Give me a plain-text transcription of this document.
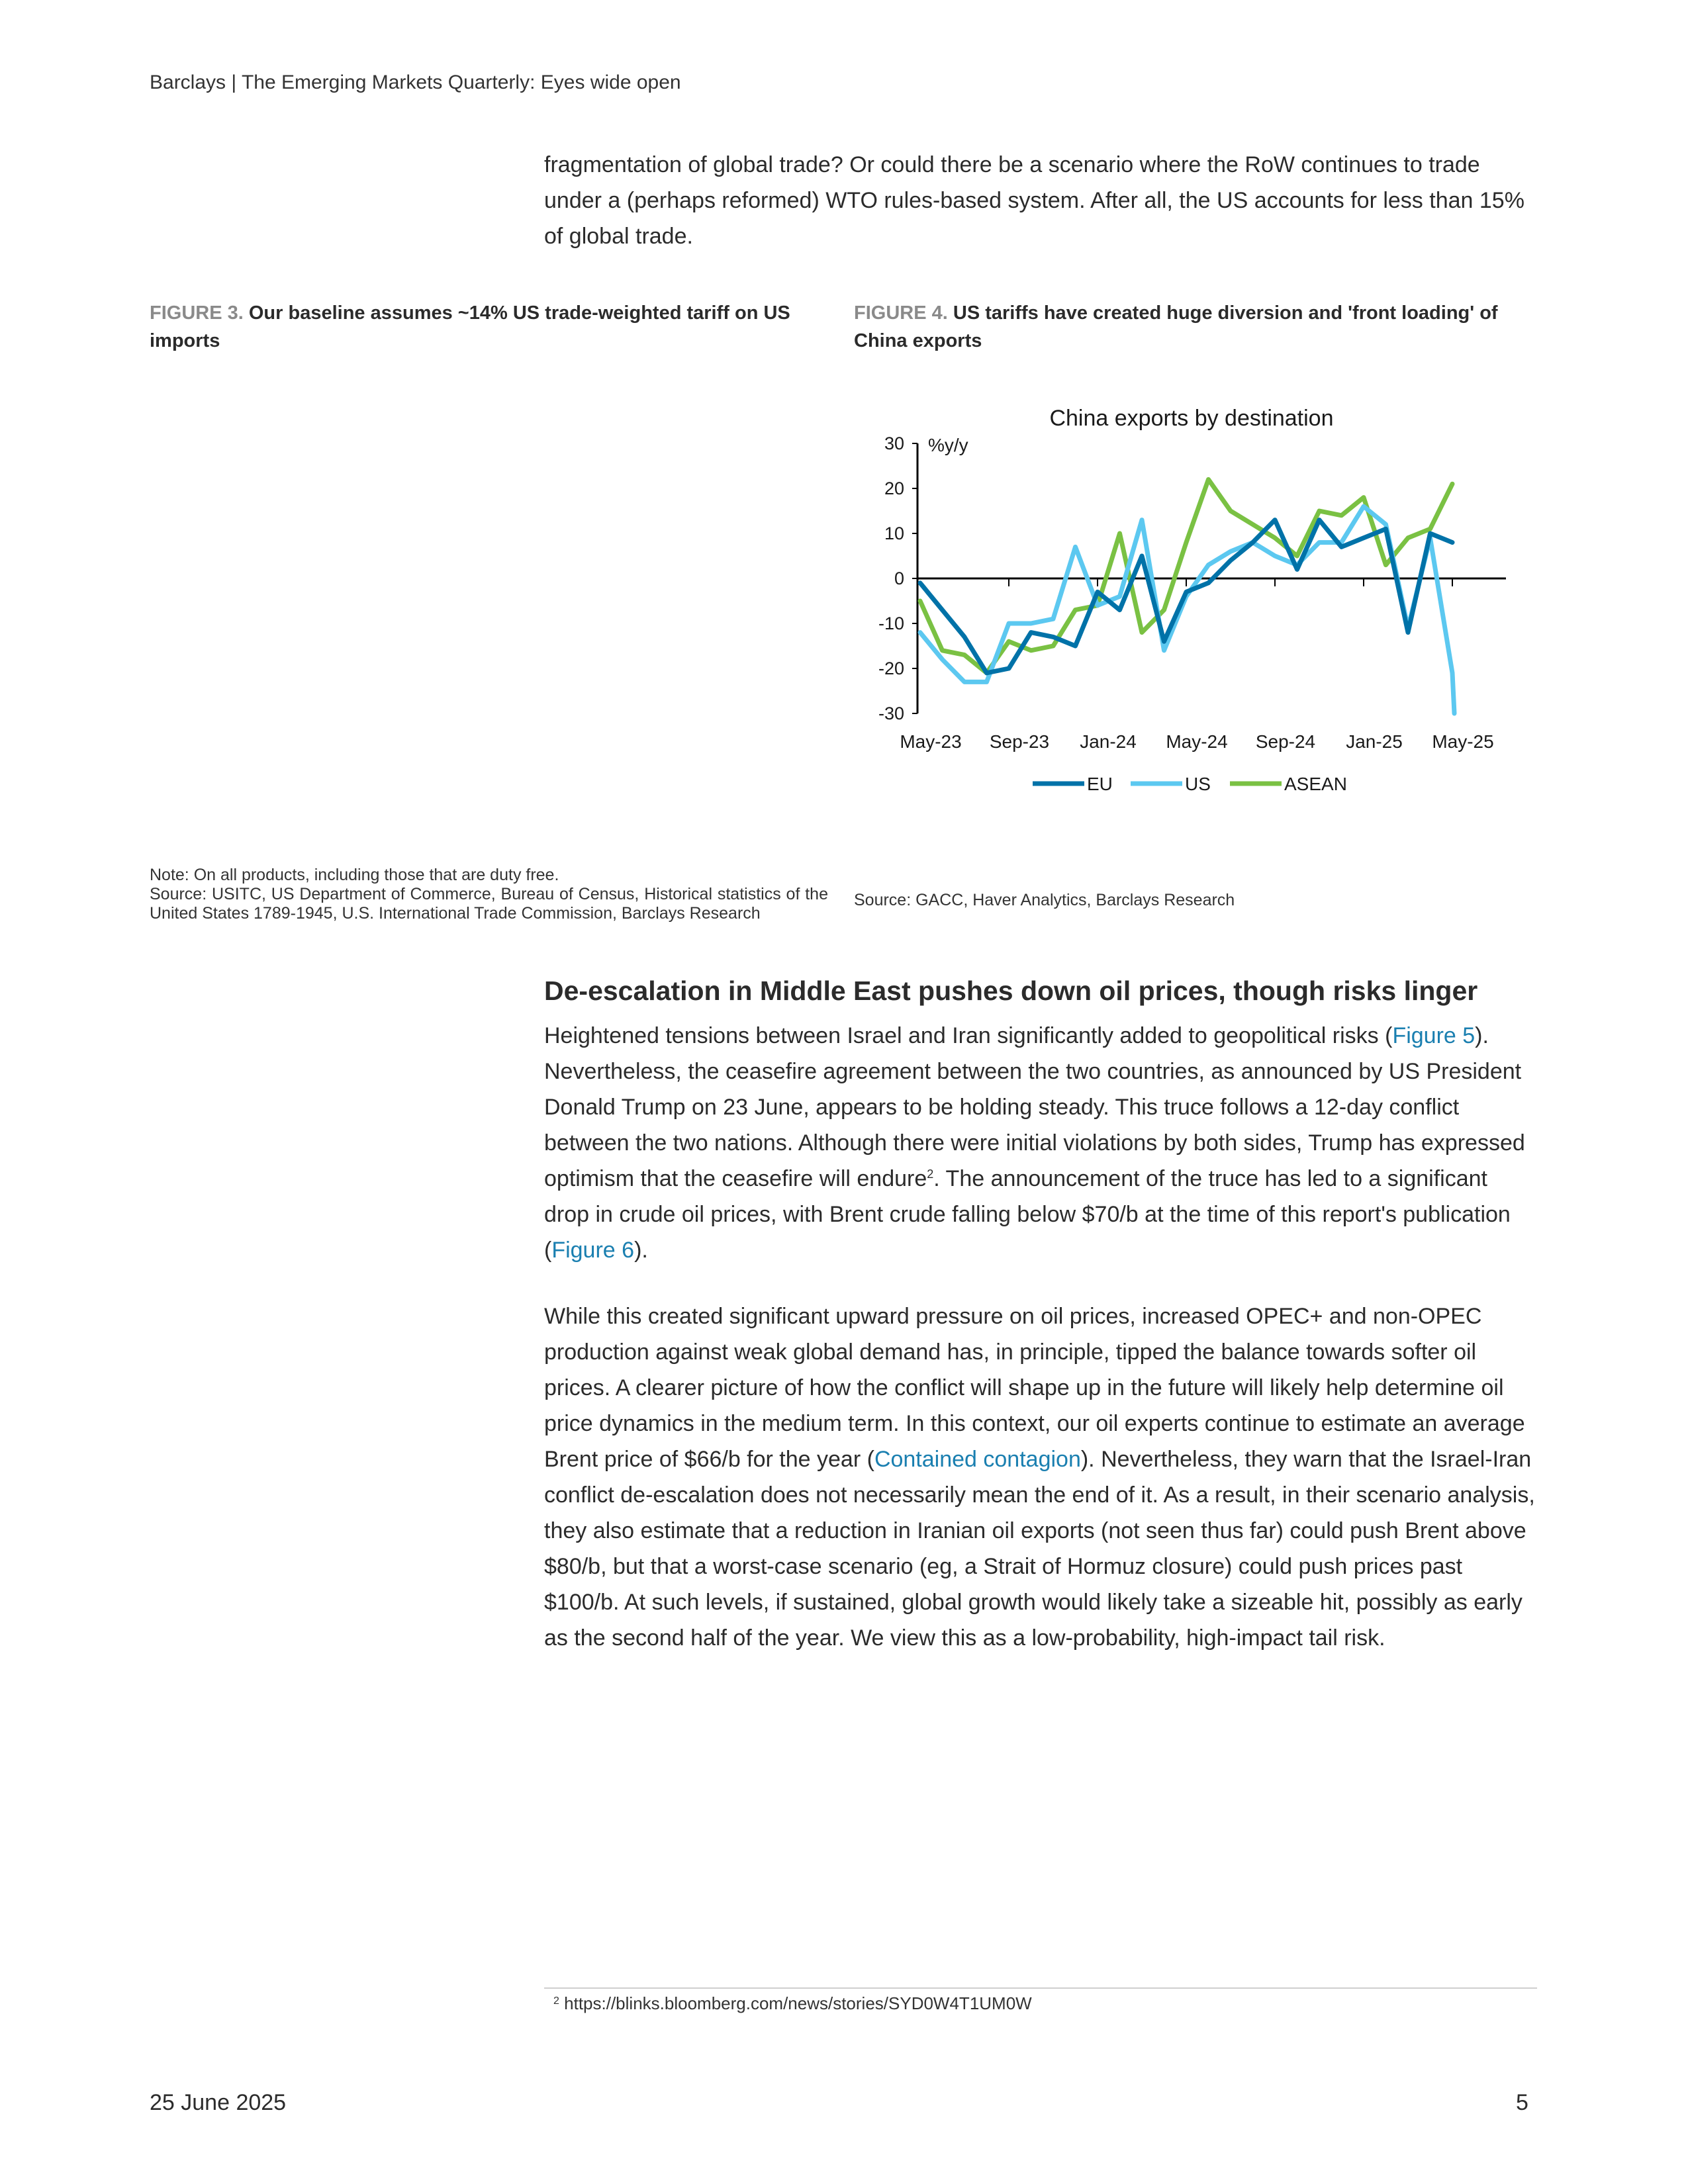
Barclays | The Emerging Markets Quarterly: Eyes wide open
fragmentation of global trade? Or could there be a scenario where the RoW continues to trade under a (perhaps reformed) WTO rules-based system. After all, the US accounts for less than 15% of global trade.
FIGURE 3. Our baseline assumes ~14% US trade-weighted tariff on US imports
FIGURE 4. US tariffs have created huge diversion and 'front loading' of China exports
China exports by destination
%y/y
30
20
10
0
-10
-20
-30
May-23 Sep-23 Jan-24 May-24 Sep-24 Jan-25 May-25
EU	US	ASEAN
Note: On all products, including those that are duty free.
Source: USITC, US Department of Commerce, Bureau of Census, Historical statistics of the United States 1789-1945, U.S. International Trade Commission, Barclays Research
Source: GACC, Haver Analytics, Barclays Research
De-escalation in Middle East pushes down oil prices, though risks linger
Heightened tensions between Israel and Iran significantly added to geopolitical risks (Figure 5). Nevertheless, the ceasefire agreement between the two countries, as announced by US President Donald Trump on 23 June, appears to be holding steady. This truce follows a 12-day conflict between the two nations. Although there were initial violations by both sides, Trump has expressed optimism that the ceasefire will endure$^2$. The announcement of the truce has led to a significant drop in crude oil prices, with Brent crude falling below $70/b at the time of this report's publication (Figure 6).
While this created significant upward pressure on oil prices, increased OPEC+ and non-OPEC production against weak global demand has, in principle, tipped the balance towards softer oil prices. A clearer picture of how the conflict will shape up in the future will likely help determine oil price dynamics in the medium term. In this context, our oil experts continue to estimate an average Brent price of $66/b for the year (Contained contagion). Nevertheless, they warn that the Israel-Iran conflict de-escalation does not necessarily mean the end of it. As a result, in their scenario analysis, they also estimate that a reduction in Iranian oil exports (not seen thus far) could push Brent above $80/b, but that a worst-case scenario (eg, a Strait of Hormuz closure) could push prices past $100/b. At such levels, if sustained, global growth would likely take a sizeable hit, possibly as early as the second half of the year. We view this as a low-probability, high-impact tail risk.
$^2$ https://blinks.bloomberg.com/news/stories/SYD0W4T1UM0W
25 June 2025	5
